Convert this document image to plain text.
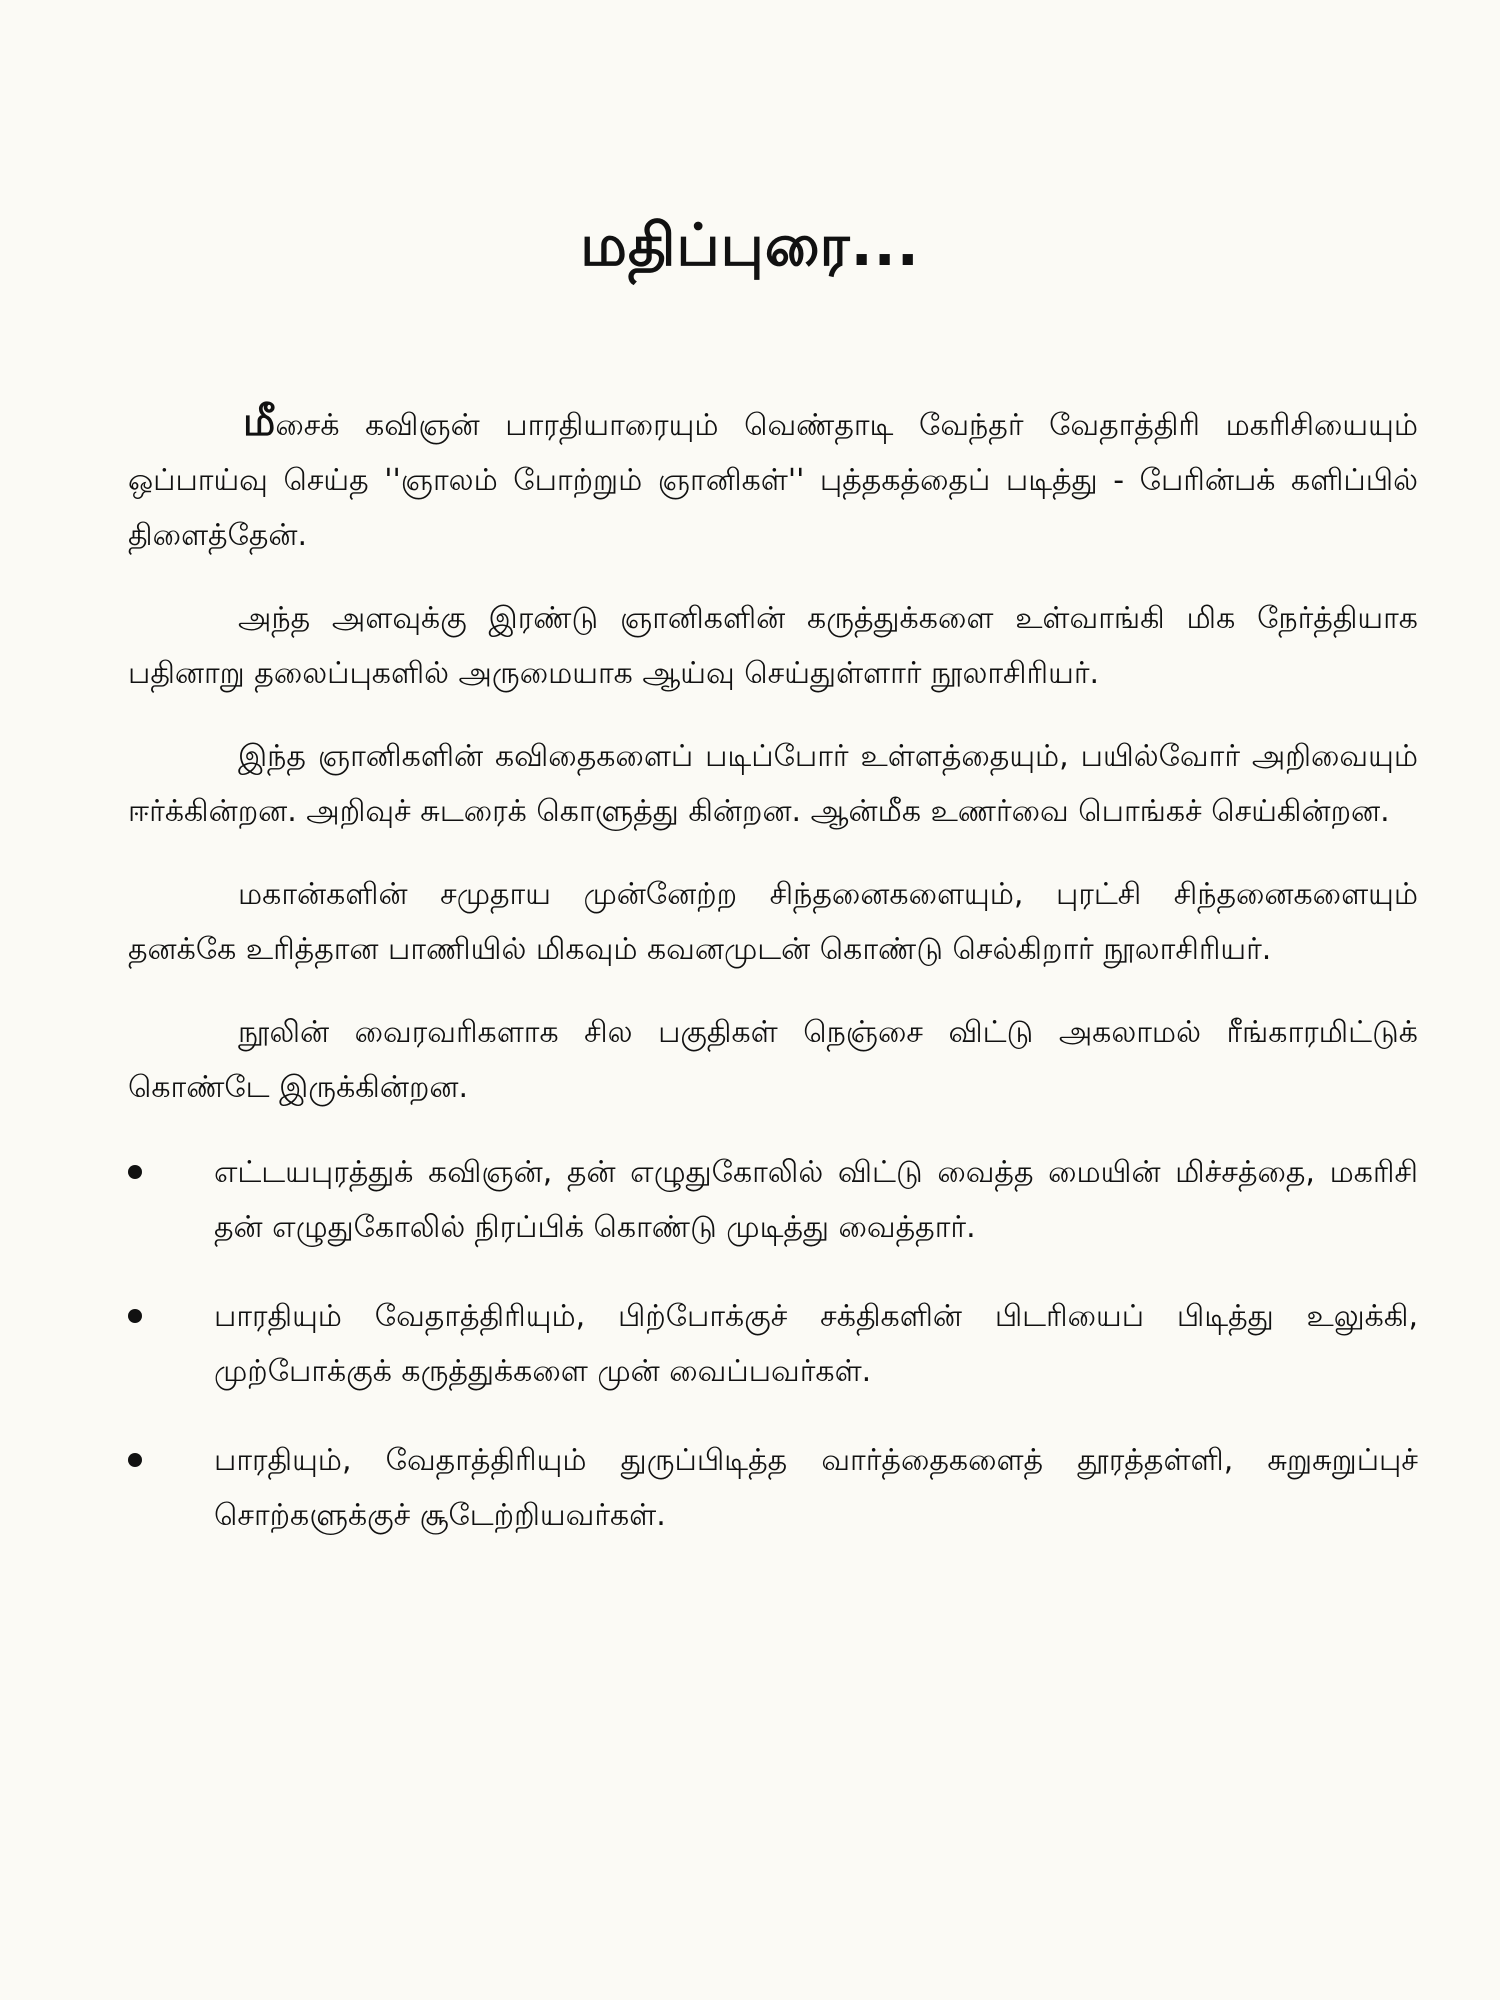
மதிப்புரை...

மீசைக் கவிஞன் பாரதியாரையும் வெண்தாடி வேந்தர் வேதாத்திரி மகரிசியையும் ஒப்பாய்வு செய்த ''ஞாலம் போற்றும் ஞானிகள்'' புத்தகத்தைப் படித்து - பேரின்பக் களிப்பில் திளைத்தேன்.

அந்த அளவுக்கு இரண்டு ஞானிகளின் கருத்துக்களை உள்வாங்கி மிக நேர்த்தியாக பதினாறு தலைப்புகளில் அருமையாக ஆய்வு செய்துள்ளார் நூலாசிரியர்.

இந்த ஞானிகளின் கவிதைகளைப் படிப்போர் உள்ளத்தையும், பயில்வோர் அறிவையும் ஈர்க்கின்றன. அறிவுச் சுடரைக் கொளுத்து கின்றன. ஆன்மீக உணர்வை பொங்கச் செய்கின்றன.

மகான்களின் சமுதாய முன்னேற்ற சிந்தனைகளையும், புரட்சி சிந்தனைகளையும் தனக்கே உரித்தான பாணியில் மிகவும் கவனமுடன் கொண்டு செல்கிறார் நூலாசிரியர்.

நூலின் வைரவரிகளாக சில பகுதிகள் நெஞ்சை விட்டு அகலாமல் ரீங்காரமிட்டுக் கொண்டே இருக்கின்றன.

எட்டயபுரத்துக் கவிஞன், தன் எழுதுகோலில் விட்டு வைத்த மையின் மிச்சத்தை, மகரிசி தன் எழுதுகோலில் நிரப்பிக் கொண்டு முடித்து வைத்தார்.
பாரதியும் வேதாத்திரியும், பிற்போக்குச் சக்திகளின் பிடரியைப் பிடித்து உலுக்கி, முற்போக்குக் கருத்துக்களை முன் வைப்பவர்கள்.
பாரதியும், வேதாத்திரியும் துருப்பிடித்த வார்த்தைகளைத் தூரத்தள்ளி, சுறுசுறுப்புச் சொற்களுக்குச் சூடேற்றியவர்கள்.
